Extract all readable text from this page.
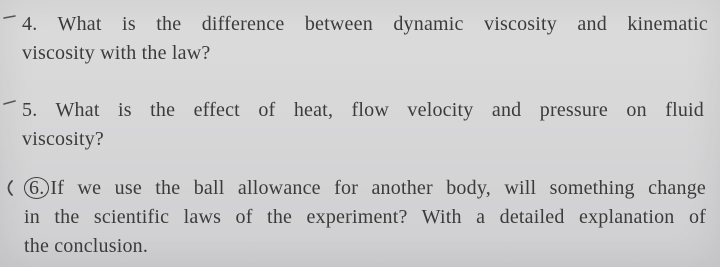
4. What is the difference between dynamic viscosity and kinematic
viscosity with the law?
5. What is the effect of heat, flow velocity and pressure on fluid
viscosity?
6. If we use the ball allowance for another body, will something change
in the scientific laws of the experiment? With a detailed explanation of
the conclusion.
